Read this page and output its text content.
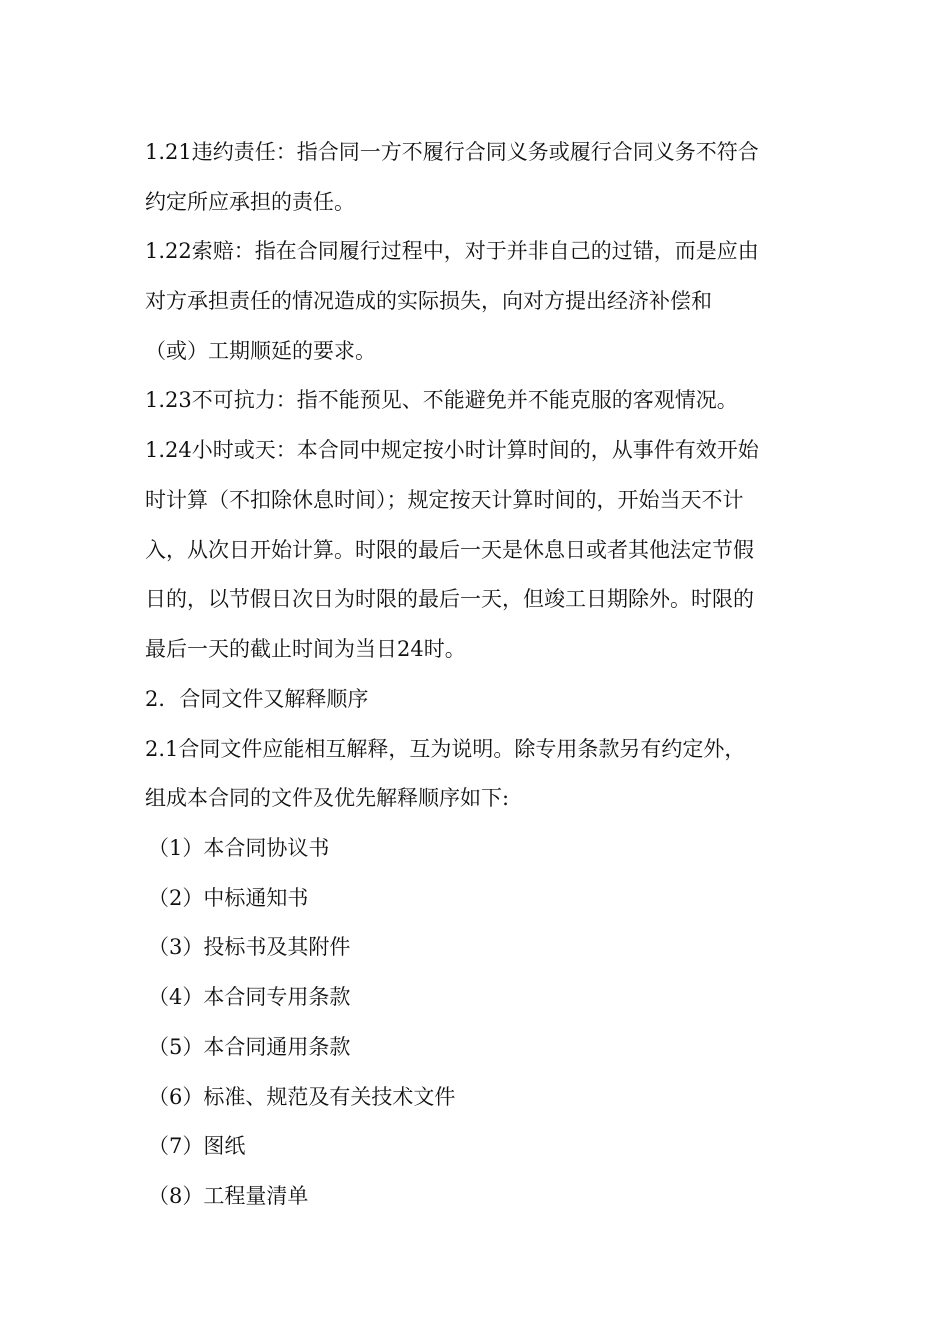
1.21违约责任：指合同一方不履行合同义务或履行合同义务不符合
约定所应承担的责任。
1.22索赔：指在合同履行过程中，对于并非自己的过错，而是应由
对方承担责任的情况造成的实际损失，向对方提出经济补偿和
（或）工期顺延的要求。
1.23不可抗力：指不能预见、不能避免并不能克服的客观情况。
1.24小时或天：本合同中规定按小时计算时间的，从事件有效开始
时计算（不扣除休息时间）；规定按天计算时间的，开始当天不计
入，从次日开始计算。时限的最后一天是休息日或者其他法定节假
日的，以节假日次日为时限的最后一天，但竣工日期除外。时限的
最后一天的截止时间为当日24时。
2．合同文件又解释顺序
2.1合同文件应能相互解释，互为说明。除专用条款另有约定外，
组成本合同的文件及优先解释顺序如下:
（1）本合同协议书
（2）中标通知书
（3）投标书及其附件
（4）本合同专用条款
（5）本合同通用条款
（6）标准、规范及有关技术文件
（7）图纸
（8）工程量清单
